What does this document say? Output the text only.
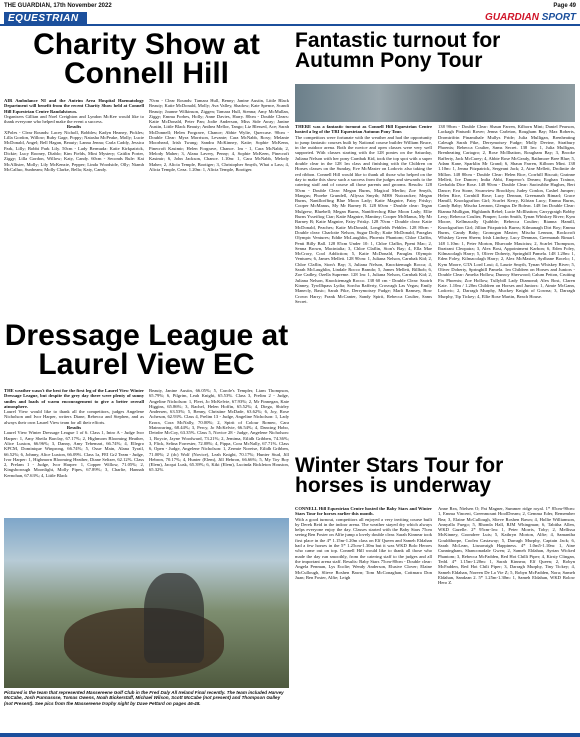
THE GUARDIAN, 17th November 2022	Page 49
EQUESTRIAN	GUARDIAN SPORT
Charity Show at Connell Hill

AIR Ambulance NI and the Antrim Area Hospital Haematology Department will benefit from the recent Charity Show held at Connell Hill Equestrian Centre Randalstown.

Organisers Gillian and Noel Creighton and Lyndon McKee would like to thank everyone who helped make the event a success.

Results

XPoles - Clear Rounds: Lacey Nicholl, Bobbles; Kadyn Heaney, Pickles; Lilla Gordon, Willow; Ruby Gage, Poppy; Natasha McPeake, Molly; Lucie McDonald, Angel; Bell Hagan, Beauty; Lanna Jenna; Carla Caddy, Jessica Park, Lilly; Bobbi Park Lily. 50cm - Lady Bermuda: Katie Kirkpatrick, Dickie; Lucy Rooney, Diablo; Kim Fields, Mini Mystery; Caitlin Porter, Ziggy; Lilla Gordon, Willow; Katy, Candy. 60cm - Seconds Rule: Kai McAllister, Molly; Lily McKenzie, Pepper; Linda Woodside, Olly; Niamh McCalluo, Sunbeam; Molly Clarke, Bella; Katy, Candy.

70cm - Clear Rounds: Tamara Hull, Benny; Janine Austin, Little Black Beauty; Katie McDonald, Molly; Ava Valley, Shadow; Kate Spence, Scandi Beauty; Joanne Wilkinson, Ziggen; Tamara Hull, Sienna; Amy McMullan, Ziggy; Emma Forbes, Holly; Anne Davies, Harry. 80cm - Double Clears: Katie McDonald, Peter Pan; Jodie Anderson, Miss Side Away; Janine Austin, Little Black Beauty; Anthea Mellor, Tango; Liz Blessed, Ace; Sarah McDonnell; Helen Forgrave, Chance; Abbie Wylie, Quercase. 90cm - Double Clear: Myra Morrison, Levante; Cara McNabb, Roxy; Melanie Moorhead, Irish Twang; Sandra McKinney, Katie; Sophie McKenn, Pinecroft Kasimir; Helen Forgrave, Chance. 1m - 1, Cara McNabb; 2, Melody Maher; 3, Alana Lavery, Penny; 4, Sophie McKeen, Pinecroft Kasimir; 6, John Jackson, Chance. 1.10m: 1, Cara McNabb, Melody Maher; 2, Alicia Temple, Bootiger; 3, Christopher Smyth, What a Lass; 4, Alicia Temple, Ceza. 1.20m: 1, Alicia Temple, Bootiger.

Fantastic turnout for Autumn Pony Tour

THERE was a fantastic turnout as Connell Hill Equestrian Centre hosted a leg of the TRI Equestrian Autumn Pony Tour.

The competitors were fortunate with the weather and had the opportunity to jump fantastic courses built by National course builder William Bruce, in the outdoor arena. Both the novice and open classes were very well supported. With classes starting with the 128 ponies on the Saturday, Juliana Nelson with her pony Carnbak Kid, took the top spot with a super double clear in the 128 1m class and finishing with the Children on Horses classes on the Sunday, Eve McMaster on Lodovic also taking the red ribbon. Connell Hill would like to thank all those who helped on the day to make this show such a success from the judges and stewards to the catering staff and of course all those parents and grooms. Results: 128 50cm - Double Clear: Megan Burns, Magical Merlin; Zoe Smyth, Mangus; Phoebe Grundell, Allyssa Smyth; MHS Nutcracker; Megan Burns, Nantllorffing Blue Moon Lady; Katie Magnire, Fairy Frisky; Cooper McManus, My Mr Barney B. 128 60cm - Double clear: Tegan Mulgrew, Bluebell; Megan Burns, Nantffrechog Blue Moon Lady; Ellie Burns Ysseifiog Ctar; Katie Magnire, Mantiny; Cooper McManus, My Mr Barney B; Katie Magnire, Fairy Frisky. 128 70cm - Double clear: Katie McDonald, Peaches; Katie McDonald, Longfields Pebbles. 128 80cm - Double clear: Charlotte Nelson, Sugar Dolly; Katie McDonald, Paraglas Olympic Ventures; Eddie McLaughlin, Phoenix Phantom; Chloe Claffin, Penti Billy Ball. 128 85cm Under 10: 1, Chloe Claflin, Ppeni Mac; 2, Senna Brown, Macintalia; 3, Chloe Claflin, Sion's Bay; 4, Ella Mae McCrory, Cool Addiction; 5, Katie McDonald, Paraglas Olympic Ventures; 6, James Mellett. 128 90cm: 1, Juliana Nelson, Carnbak Kid; 2, Chloe Claflin, Sion's Bay; 3, Juliana Nelson, Knocktemagh Rocca; 4, Sarah McLaughlin, Lindale Rocco Brando; 5, James Mellett, Billbob; 6, Zoe Cadley, Ozella Supreme. 128 1m: 1, Juliana Nelson, Carnbak Kid; 2, Juliana Nelson, Knocktemagh Rocco. 138 60 cm - Double Clear: Saoirh Kinney, Tywllbpass Lydia; Sorcha Rafferty, Crosvagh Las Vegas; Emily Manecly, Basic; Sarah Pike, Derrymoisey Fudge; Marli Ramsey, Bow Crown Harry; Frank McCanter, Sandy Spirit, Rebecca Coulter, Sams Secret.

138 90cm - Double Clear: Shaun Farren, Kilborn Mint; Daniel Pearson, Lackagh Pinturdi Rover; Jenna Carleton, Rougham Bay; Max Roberts, Dromtrifrin Pinamihale Mullys Pride; Julia Mulligan, Brenheating Caleugh Sarah Pike, Derrymoisey Fudge; Molly Devine, Stratbury Phoenix; Rebecca Coulter, Sams Secret. 138 1m: 1, Julia Mulligan, Brenheating Cariagro; 2, Rose McIlhatton, Rougham Bay; 3, Brooke Rafferty, Jack McCarey; 4, Abbie Rose McGeady, Rathmore Bree Blue; 5, Adam Kane, Sparklin Mr Grand; 6, Shaun Farren, Kilborn Mint. 138 1.10m: 1, Jenna Fitzpatrick, Sergeant Jack; 2, Aine Mellett, Drolintie de Millon. 148 80cm - Double Clear: Helen Rice, Corrhill Biscuit; Grainne Mellett, Ice Dancer; India Abbi, Emperor's Dream; Eoghan Trainor, Gerbalda Dice Rose. 148 90cm - Double Clear: Saoirsibhe Hughes, Beri Dance; Eva Stone, Swanview Brooklyn; Judey Conlon, Cashel Jumper; Helen Rice, Cornhill Rose; Lucy Dennan, Greenanah Rimarl; Grace Hamill, Knockgrafton Girl; Scarlet Kerry, Kilrian Lucy; Emma Burns, Candy Baby; Mischa Lennon, Glengus De Boleac. 148 1m Double Clear: Rianna Mulligan, Highlands Rebel; Lucie McIlhatton; Carrygraigh Bobby Lexy; Rebecca Coulter, Pimper; Lorin Smith, Tynan Whiskey River; Kym Moore, Kellmacally Quibble; Rebecca Coulter; Rianna Hamill, Knockgrafton Girl; Jillian Fitzpatrick Burns; Kilmanagh Dirt Boy; Emma Burns, Candy Baby; Gronogan Master; Mischa Lennon, Rockcroft Whiskey Green Sheen; Irish Lindsey, Lucy Denman, Greenanah Rimarl. 148 1.10m: 1, Peter Morton, Bluecade Mauicius; 2, Scarlet Thompson, Ibratrani Cleopatra; 3, Alex Bost, Appointment Karbon; 6, Eden Foley, Kilmacolagh Harry; 5, Oliver Doherty, Springhill Pamela. 148 1.20m: 1, Eden Foley, Kilmacolagh Harry; 2, Alex McMaster, Ayrlbane Bocelo; 1, Kym Moore, GTA Lord Loui; 4, Laurie Smyth, Tynan Whiskey River; 5, Oliver Doherty, Springhill Pamela. 1m Children on Horses and Juniors - Double Clear: Amelia Hollow, Dunroy Sherwood; Calum Petton, Cruiting Fix Phoenix; Zoe Hollow, Tullybill Lady Diamond; Alex Bost, Claren Kate. 1.10m / 1.20m Children on Horses and Juniors: 1, Aimie McGann, Lodovic; 2, Darragh Murphy, Muckey Knight of Gowna; 3, Darragh Murphy, Tip Tickey; 4, Ellie Rose Martin, Beach House.

Dressage League at Laurel View EC

THE weather wasn't the best for the first leg of the Laurel View Winter Dressage League, but despite the grey day there were plenty of sunny smiles and loads of warm encouragement to give a better overall atmosphere.

Laurel View would like to thank all the competitors, judges Angelene Nicholson and Ivor Harper, writers Diane, Rebecca and Stephen, and as always their own Laurel View team for all their efforts.

Results

Laurel View Winter Dressage League 1 of 6. Class 1, Intro A - Judge Ivor Harper: 1, Amy Sheila Barclay, 67.17%; 2, Highmorn Blooming Heather, Alice Luxton, 66.96%; 3, Danny, Amy Tebemari, 66.74%; 4, Ellegro KPCM, Dominique Winprong, 66.74%; 5, Osue Main, Alana Tyrail, 66.52%; 6, Johnny, Alice Luxton, 66.09%. Class 1a, FEI Gr2 Team - Judge, Ivor Harper: 1, Highmorn Blooming Heather, Diane Seltzer, 62.12%. Class 2, Prelam 1 - Judge, Ivor Harper: 1, Copper Willow, 71.05%; 2, Kingsborough Moonlight, Molly Pipes, 67.89%; 3, Charlie, Hannah Kernohan, 67.63%; 4, Little Black

Beauty, Janine Austin, 66.05%; 5, Carole's Templer, Liam Thompson, 65.79%; 6, Pilgrim, Leah Knight, 65.53%. Class 3, Prelim 2 - Judge, Angeline Nicholson: 1, Fleet, Jo McKelvie, 67.93%; 2, Mr Finnegan, Kate Higgins, 65.86%; 3, Rachel, Helen Hoffin, 65.52%; 4, Diego, Shirley Andersen, 63.53%; 5, Benny, Christine McDade, 63.62%; 6, Joy, Rose Acheson, 62.93%. Class 4, Prelim 13 - Judge, Angeline Nicholson: 1, Lady Ezora, Cora McNally, 70.00%; 2, Spirit of Colour Romeo, Cara Mainwaring, 68.44%; 3, Percy, Jo McKelvie, 66.54%; 4, Dancing Hobo, Deirdre McCoy, 63.35%. Class 5, Novice 28 - Judge, Angelene Nicholson: 1, Boycie, Jayne Woodward, 73.21%; 2, Jemima, Eilidh Gribben, 74.36%; 3, Flick, Selina Forrester, 72.08%; 4, Pippa, Cora McNally, 67.71%. Class 6, Open - Judge, Angelene Nicholson: 1, Zermie Noreise, Eilidh Gribben, 71.00%; 2 (dc) Wolf (Novice), Leah Knight, 70.17%; Hunter Stud, Jill Hebron, 70.17%; 4, Hunter (Elem), Jill Hebron, 66.66%; 5, My Toy Boy (Elem), Jacqui Lusk, 65.39%; 6, Kiki (Elem), Lucinda Bickleton Houston, 65.32%.

Pictured is the team that represented Massereene Golf Club in the Fred Daly All Ireland Final recently. The team included Harvey McCabe, Josh Punnassse, Tomas Owens, Noah Bickerstaff, Michael Wilson, Scott McCabe (not present) and Thompson Galley (not Present). See pics from the Massereene trophy night by Dave Pettard on pages 46-48.
Winter Stars Tour for horses is underway

CONNELL Hill Equestrian Centre hosted the Baby Stars and Winter Stars Tour for horses earlier this month.

With a good turnout, competitors all enjoyed a very inviting course built by Derek Reid in the indoor arena. The weather stayed dry which always helps everyone enjoy the day. Classes started with the Baby Stars 75cm seeing Ben Foster on Alfie jump a lovely double clear. Sarah Kinnear took first place in the 4* 1.15m-1.20m class on Elf Queen and Sameh Eldahan had a few horses in the 5* 1.25cm-1.30m but it was WKD Bolo Heroes who came out on top. Connell Hill would like to thank all those who made the day run smoothly, from the catering staff to the judges and all the important arena staff. Results: Baby Stars 75cm-80cm - Double clear: Angela Penman, Lys Ecolie; Wendy Anderson, Elusive Clover; Elaine McCullough, Slieve Roshen Bawn; Tom McConaghan, Cottmara Don Juan; Ben Foster, Alfie; Leigh

Anne Rea, Nielsen O; Pat Magner, Summer ridge royal. 1* 85cm-90cm: 1, Emma Vincent, Greenmount HoolDream; 2, Gemma Eder, Remember Bea; 3, Elaine McCullough, Slieve Roshen Bawn; 4, Hollie Williamson, Annyalla Fuego; 5, Rhonda Hall, RJM Whingman; 6, Tabitha Allen, WKD Gazelle. 2* 95cm-1m: 1, Peter Morris, Toby; 2, Mellissa McKinney, Goondree Luis; 5, Kathryn Morton, Alfie; 4, Samantha Gouldthorpe, Coolea Castaway; 5, Darragh Murphy, Captain Jack; 6, Sarah McLean, Lisnavaigh Happiness. 4* 1.0m5-1.10m: 1, Aine Cunningham, Shanconadale Gwen; 2, Sameh Eldahan, Ayrtan Wicked Phantom; 3, Rebecca McFadden, Red Hot Chilli Piper; 4, Kirsty Clingan, Tedd. 4* 1.15m-1.20m: 1, Sarah Kinnear, Elf Queen; 2, Robyn McFadden, Red Hot Chili Piper; 3, Darragh Murphy, Tiny Tickey; 4, Sameh Eldahan, Noreen De La Vie Z; 5, Robyn McFadden, Nora; Sameh Eldahan, Sandzan 2. 5* 1.25m-1.30m: 1, Sameh Eldahan, WKD Bolow Hero Z.
